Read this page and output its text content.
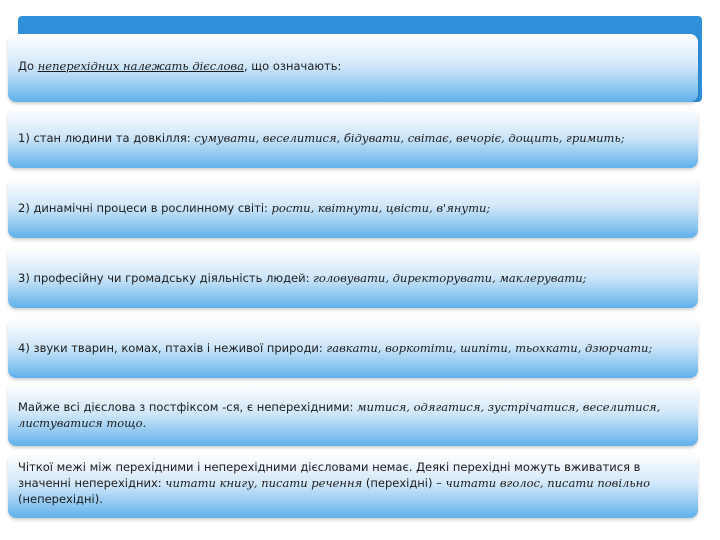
До неперехідних належать дієслова, що означають:
1) стан людини та довкілля: сумувати, веселитися, бідувати, світає, вечоріє, дощить, гримить;
2) динамічні процеси в рослинному світі: рости, квітнути, цвісти, в'янути;
3) професійну чи громадську діяльність людей: головувати, директорувати, маклерувати;
4) звуки тварин, комах, птахів і неживої природи: гавкати, воркотіти, шипіти, тьохкати, дзюрчати;
Майже всі дієслова з постфіксом -ся, є неперехідними: митися, одягатися, зустрічатися, веселитися, листуватися тощо.
Чіткої межі між перехідними і неперехідними дієсловами немає. Деякі перехідні можуть вживатися в значенні неперехідних: читати книгу, писати речення (перехідні) – читати вголос, писати повільно (неперехідні).
